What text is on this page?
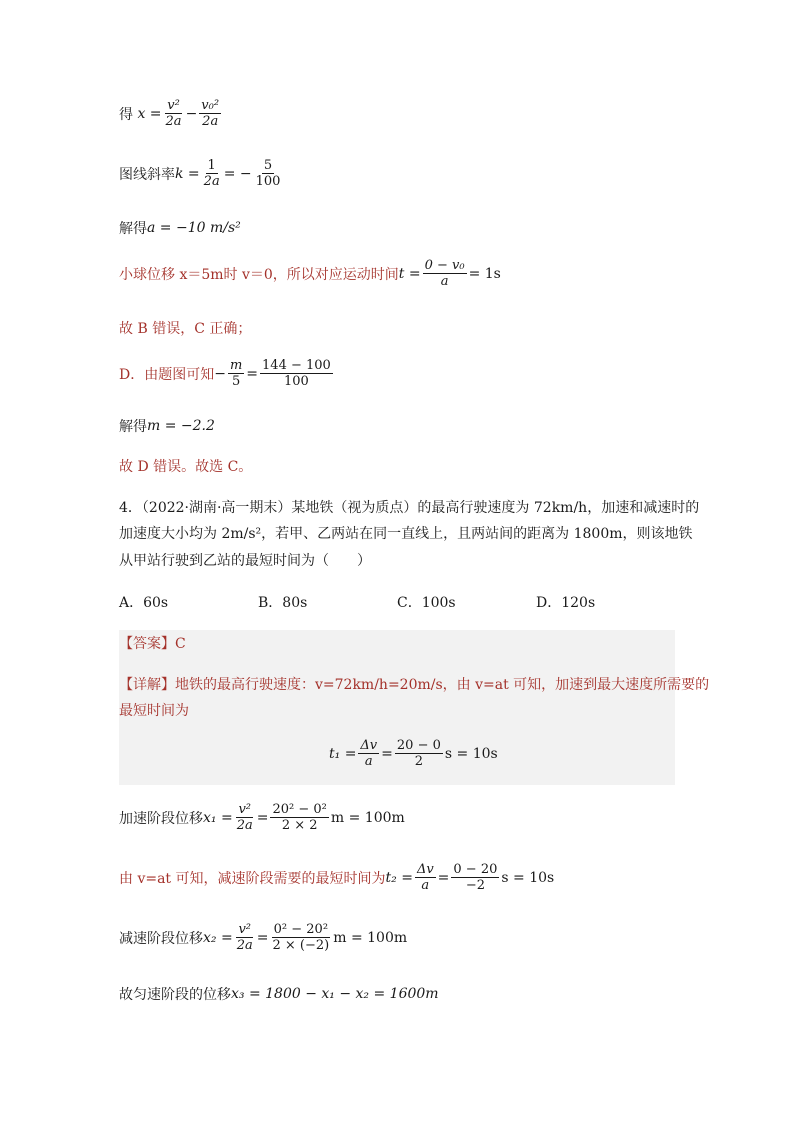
得
$x = \frac{\text{v²}}{2a} - \frac{\text{v₀²}}{2a}$
图线斜率 $k = \frac{1}{2a}$ = − $\frac{5}{100}$
解得 a = −10 m/s²
小球位移 x＝5m时 v＝0，所以对应运动时间 $t = \frac{\text{0 − v₀}}{a} = 1s$
故 B 错误，C 正确；
D．由题图可知 − $\frac{m}{5} = \frac{144 - 100}{100}$
解得 m = −2.2
故 D 错误。故选 C。
4．（2022·湖南·高一期末）某地铁（视为质点）的最高行驶速度为 72km/h，加速和减速时的
加速度大小均为 2m/s²，若甲、乙两站在同一直线上，且两站间的距离为 1800m，则该地铁
从甲站行驶到乙站的最短时间为（　　）
A．60s	B．80s	C．100s	D．120s
【答案】C
【详解】地铁的最高行驶速度：v=72km/h=20m/s，由 v=at 可知，加速到最大速度所需要的
最短时间为
$t_1 = \frac{\Delta v}{a} = \frac{20 - 0}{2}$ s = 10s
加速阶段位移 $x_1 = \frac{\text{v²}}{2a} = \frac{\text{20² − 0²}}{2 \times 2}$ m = 100m
由 v=at 可知，减速阶段需要的最短时间为 $t_2 = \frac{\Delta v}{a} = \frac{0 - 20}{-2}$ s = 10s
减速阶段位移 $x_2 = \frac{\text{v²}}{2a} = \frac{\text{0² − 20²}}{2 \times (-2)}$ m = 100m
故匀速阶段的位移 x₃ = 1800 − x₁ − x₂ = 1600m
